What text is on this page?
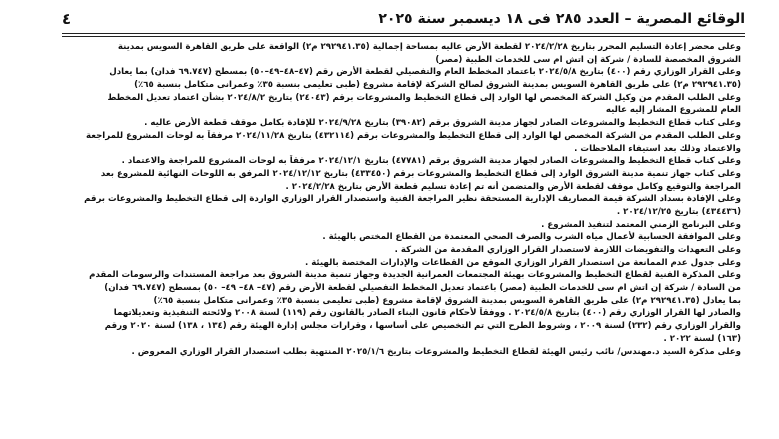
٤	الوقائع المصرية – العدد ٢٨٥ فى ١٨ ديسمبر سنة ٢٠٢٥
وعلى محضر إعادة التسليم المحرر بتاريخ ٢٠٢٤/٢/٢٨ لقطعة الأرض عاليه بمساحة إجمالية (٢٩٢٩٤١.٣٥ م٢) الواقعة على طريق القاهرة السويس بمدينة
الشروق المخصصة للسادة / شركة إن اتش ام سى للخدمات الطبية (مصر)
وعلى القرار الوزاري رقم (٤٠٠) بتاريخ ٢٠٢٤/٥/٨ باعتماد المخطط العام والتفصيلي لقطعة الأرض رقم (٤٧–٤٨–٤٩–٥٠) بمسطح (٦٩.٧٤٧ فدان) بما يعادل
(٢٩٢٩٤١.٣٥ م٢) على طريق القاهرة السويس بمدينة الشروق لصالح الشركة لإقامة مشروع (طبى تعليمى بنسبة ٣٥٪ وعمرانى متكامل بنسبة ٦٥٪)
وعلى الطلب المقدم من وكيل الشركة المخصص لها الوارد إلى قطاع التخطيط والمشروعات برقم (٢٤٠٤٣) بتاريخ ٢٠٢٤/٨/٢ بشأن اعتماد تعديل المخطط
العام للمشروع المشار إليه عاليه
وعلى كتاب قطاع التخطيط والمشروعات الصادر لجهاز مدينة الشروق برقم (٣٩٠٨٢) بتاريخ ٢٠٢٤/٩/٢٨ للإفادة بكامل موقف قطعة الأرض عاليه .
وعلى الطلب المقدم من الشركة المخصص لها الوارد إلى قطاع التخطيط والمشروعات برقم (٤٣٢١١٤) بتاريخ ٢٠٢٤/١١/٢٨ مرفقاً به لوحات المشروع للمراجعة
والاعتماد وذلك بعد استيفاء الملاحظات .
وعلى كتاب قطاع التخطيط والمشروعات الصادر لجهاز مدينة الشروق برقم (٤٧٧٨١) بتاريخ ٢٠٢٤/١٢/١ مرفقاً به لوحات المشروع للمراجعة والاعتماد .
وعلى كتاب جهاز تنمية مدينة الشروق الوارد إلى قطاع التخطيط والمشروعات برقم (٤٣٣٤٥٠) بتاريخ ٢٠٢٤/١٢/١٢ المرفق به اللوحات النهائية للمشروع بعد
المراجعة والتوقيع وكامل موقف لقطعة الأرض والمتضمن أنه تم إعادة تسليم قطعة الأرض بتاريخ ٢٠٢٤/٢/٢٨ .
وعلى الإفادة بسداد الشركة قيمة المصاريف الإدارية المستحقة نظير المراجعة الفنية واستصدار القرار الوزاري الواردة إلى قطاع التخطيط والمشروعات برقم
(٤٣٤٤٣٦) بتاريخ ٢٠٢٤/١٢/٢٥ .
وعلى البرنامج الزمني المعتمد لتنفيذ المشروع .
وعلى الموافقة الحسابية لأعمال مياه الشرب والصرف الصحي المعتمدة من القطاع المختص بالهيئة .
وعلى التعهدات والتفويضات اللازمة لاستصدار القرار الوزاري المقدمة من الشركة .
وعلى جدول عدم الممانعة من استصدار القرار الوزاري الموقع من القطاعات والإدارات المختصة بالهيئة .
وعلى المذكرة الفنية لقطاع التخطيط والمشروعات بهيئة المجتمعات العمرانية الجديدة وجهاز تنمية مدينة الشروق بعد مراجعة المستندات والرسومات المقدم
من السادة / شركة إن اتش ام سى للخدمات الطبية (مصر) باعتماد تعديل المخطط التفصيلي لقطعة الأرض رقم (٤٧– ٤٨– ٤٩– ٥٠) بمسطح (٦٩.٧٤٧ فدان)
بما يعادل (٢٩٢٩٤١.٣٥ م٢) على طريق القاهرة السويس بمدينة الشروق لإقامة مشروع (طبى تعليمى بنسبة ٣٥٪ وعمرانى متكامل بنسبة ٦٥٪)
والصادر لها القرار الوزاري رقم (٤٠٠) بتاريخ ٢٠٢٤/٥/٨ . ووفقاً لأحكام قانون البناء الصادر بالقانون رقم (١١٩) لسنة ٢٠٠٨ ولائحته التنفيذية وتعديلاتهما
والقرار الوزاري رقم (٢٣٢) لسنة ٢٠٠٩ ، وشروط الطرح التي تم التخصيص على أساسها ، وقرارات مجلس إدارة الهيئة رقم (١٣٤ ، ١٣٨) لسنة ٢٠٢٠ ورقم
(١٦٣) لسنة ٢٠٢٢ .
وعلى مذكرة السيد د.مهندس/ نائب رئيس الهيئة لقطاع التخطيط والمشروعات بتاريخ ٢٠٢٥/١/٦ المنتهية بطلب استصدار القرار الوزاري المعروض .
